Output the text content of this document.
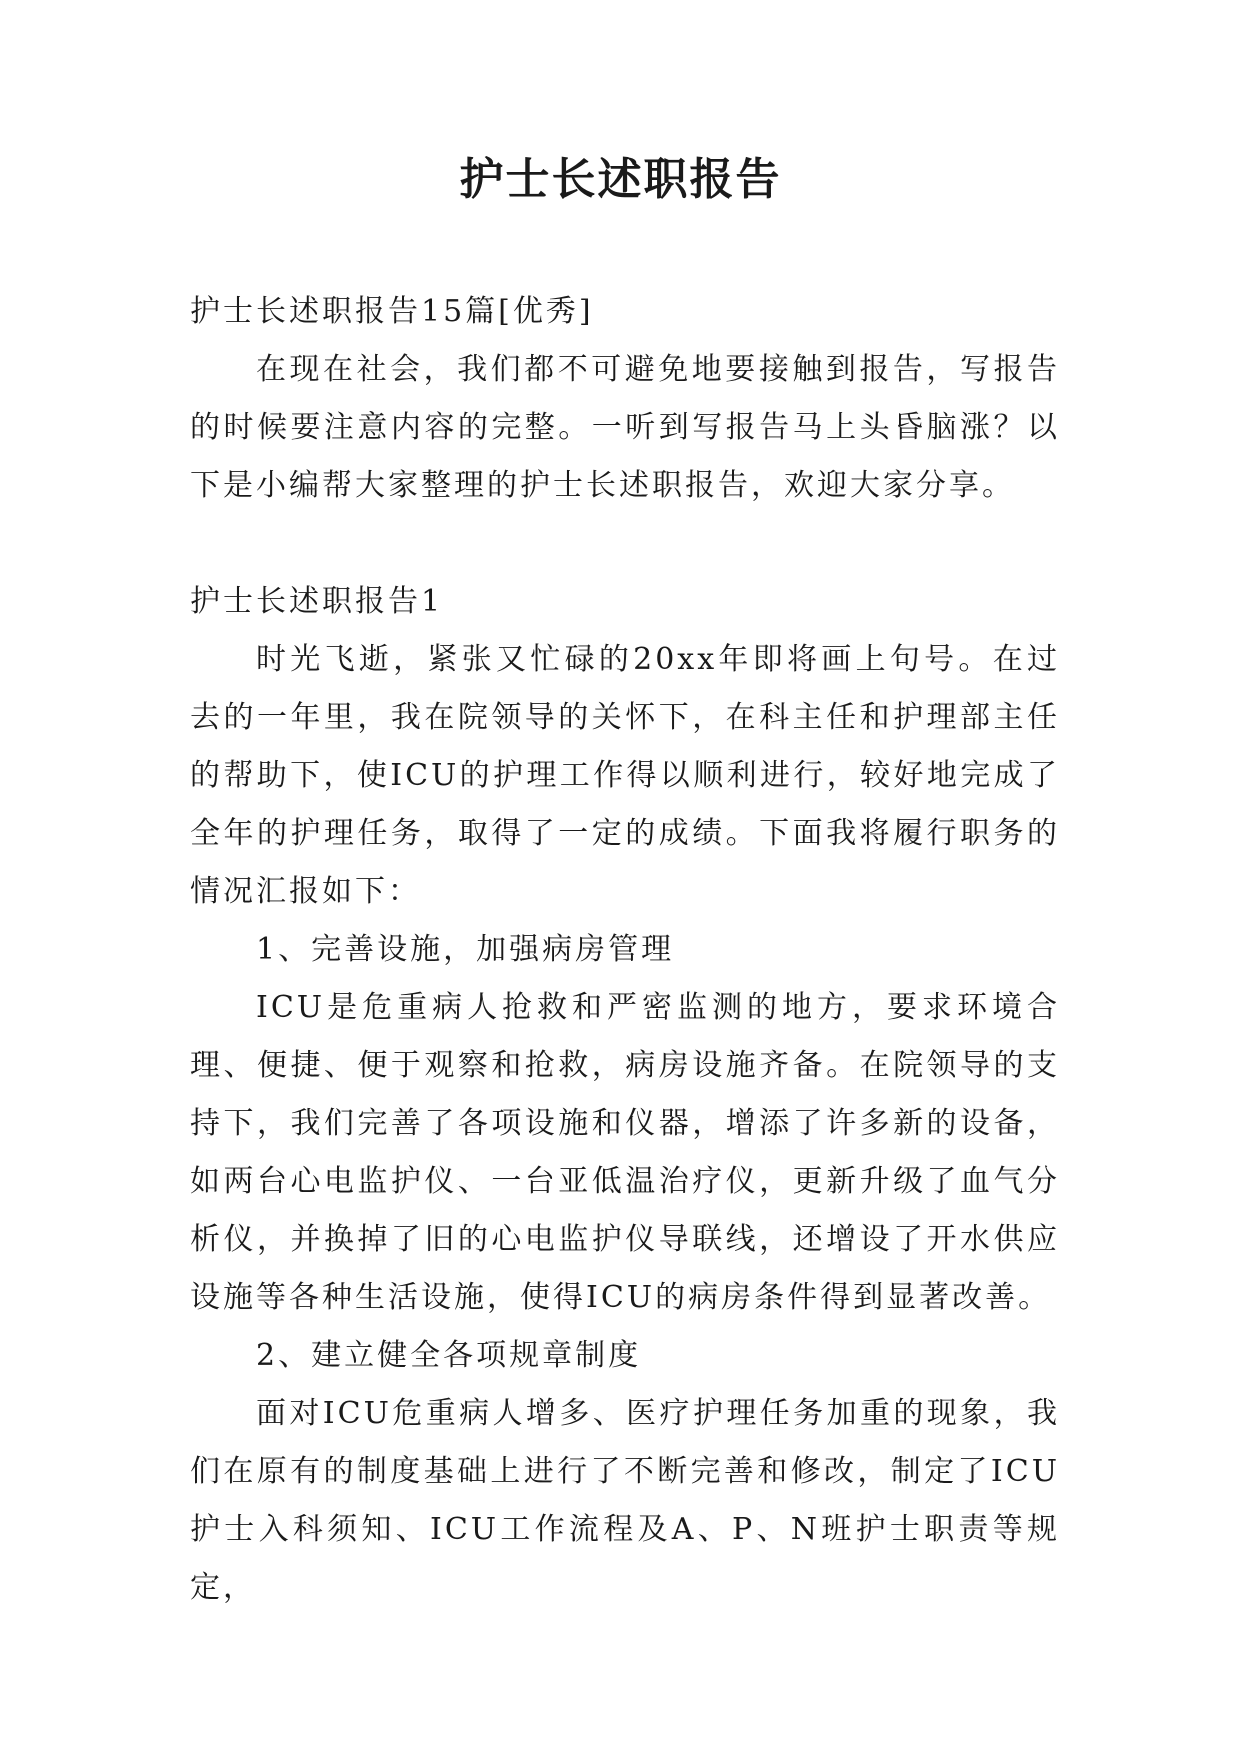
护士长述职报告

护士长述职报告15篇[优秀]

在现在社会，我们都不可避免地要接触到报告，写报告的时候要注意内容的完整。一听到写报告马上头昏脑涨？以下是小编帮大家整理的护士长述职报告，欢迎大家分享。

护士长述职报告1

时光飞逝，紧张又忙碌的20xx年即将画上句号。在过去的一年里，我在院领导的关怀下，在科主任和护理部主任的帮助下，使ICU的护理工作得以顺利进行，较好地完成了全年的护理任务，取得了一定的成绩。下面我将履行职务的情况汇报如下：

1、完善设施，加强病房管理

ICU是危重病人抢救和严密监测的地方，要求环境合理、便捷、便于观察和抢救，病房设施齐备。在院领导的支持下，我们完善了各项设施和仪器，增添了许多新的设备，如两台心电监护仪、一台亚低温治疗仪，更新升级了血气分析仪，并换掉了旧的心电监护仪导联线，还增设了开水供应设施等各种生活设施，使得ICU的病房条件得到显著改善。

2、建立健全各项规章制度

面对ICU危重病人增多、医疗护理任务加重的现象，我们在原有的制度基础上进行了不断完善和修改，制定了ICU护士入科须知、ICU工作流程及A、P、N班护士职责等规定，
